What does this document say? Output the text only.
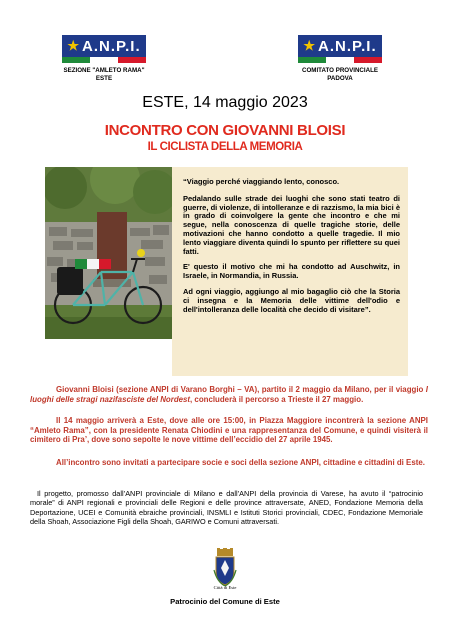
★ A.N.P.I.
SEZIONE "AMLETO RAMA"
ESTE
★ A.N.P.I.
COMITATO PROVINCIALE
PADOVA
ESTE, 14 maggio 2023
INCONTRO CON GIOVANNI BLOISI
IL CICLISTA DELLA MEMORIA

“Viaggio perché viaggiando lento, conosco.

Pedalando sulle strade dei luoghi che sono stati teatro di guerre, di violenze, di intolleranze e di razzismo, la mia bici è in grado di coinvolgere la gente che incontro e che mi segue, nella conoscenza di quelle tragiche storie, delle motivazioni che hanno condotto a quelle tragedie. Il mio lento viaggiare diventa quindi lo spunto per riflettere su quei fatti.

E' questo il motivo che mi ha condotto ad Auschwitz, in Israele, in Normandia, in Russia.

Ad ogni viaggio, aggiungo al mio bagaglio ciò che la Storia ci insegna e la Memoria delle vittime dell'odio e dell'intolleranza delle località che decido di visitare”.

Giovanni Bloisi (sezione ANPI di Varano Borghi – VA), partito il 2 maggio da Milano, per il viaggio I luoghi delle stragi nazifasciste del Nordest, concluderà il percorso a Trieste il 27 maggio.
Il 14 maggio arriverà a Este, dove alle ore 15:00, in Piazza Maggiore incontrerà la sezione ANPI “Amleto Rama”, con la presidente Renata Chiodini e una rappresentanza del Comune, e quindi visiterà il cimitero di Pra’, dove sono sepolte le nove vittime dell’eccidio del 27 aprile 1945.
All’incontro sono invitati a partecipare socie e soci della sezione ANPI, cittadine e cittadini di Este.
Il progetto, promosso dall’ANPI provinciale di Milano e dall’ANPI della provincia di Varese, ha avuto il “patrocinio morale” di ANPI regionali e provinciali delle Regioni e delle province attraversate, ANED, Fondazione Memoria della Deportazione, UCEI e Comunità ebraiche provinciali, INSMLI e Istituti Storici provinciali, CDEC, Fondazione Memoriale della Shoah, Associazione Figli della Shoah, GARIWO e Comuni attraversati.
Città di Este
Patrocinio del Comune di Este
